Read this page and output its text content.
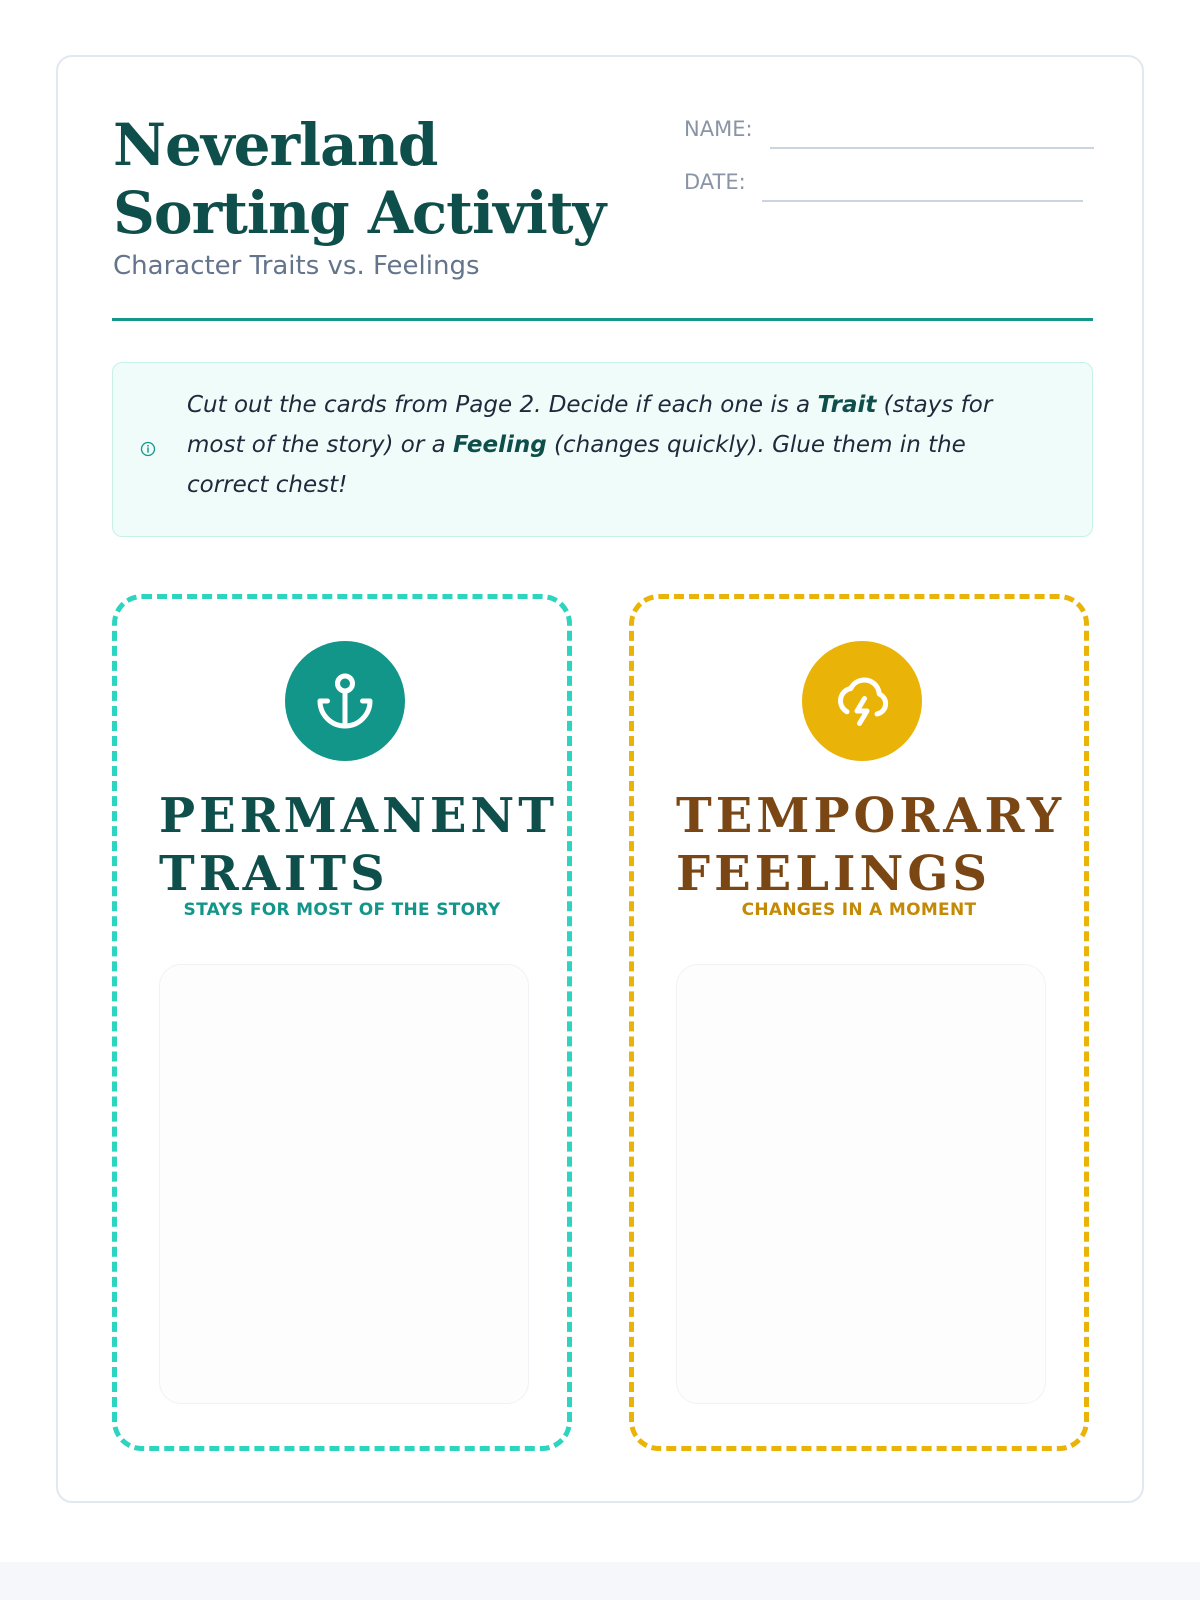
Neverland Sorting Activity
Character Traits vs. Feelings
NAME:
DATE:
Cut out the cards from Page 2. Decide if each one is a Trait (stays for most of the story) or a Feeling (changes quickly). Glue them in the correct chest!
PERMANENT
TRAITS
STAYS FOR MOST OF THE STORY
TEMPORARY
FEELINGS
CHANGES IN A MOMENT
